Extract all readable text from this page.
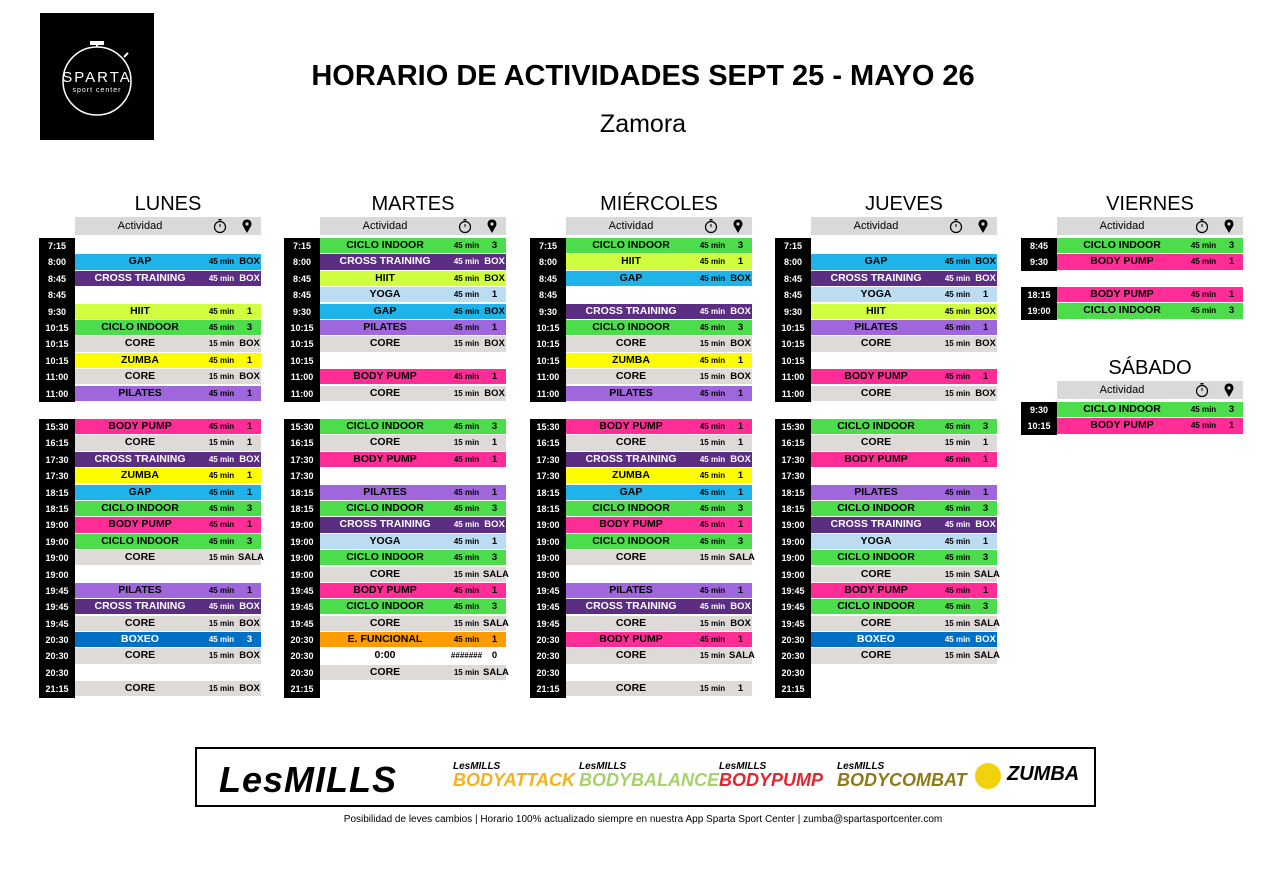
SPARTA
sport center	HORARIO DE ACTIVIDADES SEPT 25 - MAYO 26
Zamora
LUNES
Actividad
7:15
8:00	GAP	45 min BOX
8:45	CROSS TRAINING	45 min BOX
8:45
9:30	HIIT	45 min	1
10:15	CICLO INDOOR	45 min	3
10:15	CORE	15 min BOX
10:15	ZUMBA	45 min	1
11:00	CORE	15 min BOX
11:00	PILATES	45 min	1
15:30	BODY PUMP	45 min	1
16:15	CORE	15 min	1
17:30	CROSS TRAINING	45 min BOX
17:30	ZUMBA	45 min	1
18:15	GAP	45 min	1
18:15	CICLO INDOOR	45 min	3
19:00	BODY PUMP	45 min	1
19:00	CICLO INDOOR	45 min	3
19:00	CORE	15 min SALA
19:00
19:45	PILATES	45 min	1
19:45	CROSS TRAINING	45 min BOX
19:45	CORE	15 min BOX
20:30	BOXEO	45 min	3
20:30	CORE	15 min BOX
20:30
21:15	CORE	15 min BOX
MARTES
Actividad
7:15	CICLO INDOOR	45 min	3
8:00	CROSS TRAINING	45 min BOX
8:45	HIIT	45 min BOX
8:45	YOGA	45 min	1
9:30	GAP	45 min BOX
10:15	PILATES	45 min	1
10:15	CORE	15 min BOX
10:15
11:00	BODY PUMP	45 min	1
11:00	CORE	15 min BOX
15:30	CICLO INDOOR	45 min	3
16:15	CORE	15 min	1
17:30	BODY PUMP	45 min	1
17:30
18:15	PILATES	45 min	1
18:15	CICLO INDOOR	45 min	3
19:00	CROSS TRAINING	45 min BOX
19:00	YOGA	45 min	1
19:00	CICLO INDOOR	45 min	3
19:00	CORE	15 min SALA
19:45	BODY PUMP	45 min	1
19:45	CICLO INDOOR	45 min	3
19:45	CORE	15 min SALA
20:30	E. FUNCIONAL	45 min	1
20:30	0:00	#######	0
20:30	CORE	15 min SALA
21:15
MIÉRCOLES
Actividad
7:15	CICLO INDOOR	45 min	3
8:00	HIIT	45 min	1
8:45	GAP	45 min BOX
8:45
9:30	CROSS TRAINING	45 min BOX
10:15	CICLO INDOOR	45 min	3
10:15	CORE	15 min BOX
10:15	ZUMBA	45 min	1
11:00	CORE	15 min BOX
11:00	PILATES	45 min	1
15:30	BODY PUMP	45 min	1
16:15	CORE	15 min	1
17:30	CROSS TRAINING	45 min BOX
17:30	ZUMBA	45 min	1
18:15	GAP	45 min	1
18:15	CICLO INDOOR	45 min	3
19:00	BODY PUMP	45 min	1
19:00	CICLO INDOOR	45 min	3
19:00	CORE	15 min SALA
19:00
19:45	PILATES	45 min	1
19:45	CROSS TRAINING	45 min BOX
19:45	CORE	15 min BOX
20:30	BODY PUMP	45 min	1
20:30	CORE	15 min SALA
20:30
21:15	CORE	15 min	1
JUEVES
Actividad
7:15
8:00	GAP	45 min BOX
8:45	CROSS TRAINING	45 min BOX
8:45	YOGA	45 min	1
9:30	HIIT	45 min BOX
10:15	PILATES	45 min	1
10:15	CORE	15 min BOX
10:15
11:00	BODY PUMP	45 min	1
11:00	CORE	15 min BOX
15:30	CICLO INDOOR	45 min	3
16:15	CORE	15 min	1
17:30	BODY PUMP	45 min	1
17:30
18:15	PILATES	45 min	1
18:15	CICLO INDOOR	45 min	3
19:00	CROSS TRAINING	45 min BOX
19:00	YOGA	45 min	1
19:00	CICLO INDOOR	45 min	3
19:00	CORE	15 min SALA
19:45	BODY PUMP	45 min	1
19:45	CICLO INDOOR	45 min	3
19:45	CORE	15 min SALA
20:30	BOXEO	45 min BOX
20:30	CORE	15 min SALA
20:30
21:15
VIERNES
Actividad
8:45	CICLO INDOOR	45 min	3
9:30	BODY PUMP	45 min	1
18:15	BODY PUMP	45 min	1
19:00	CICLO INDOOR	45 min	3
SÁBADO
Actividad
9:30	CICLO INDOOR	45 min	3
10:15	BODY PUMP	45 min	1
LesMILLS	LesMILLS
BODYATTACK
LesMILLS
BODYBALANCE
LesMILLS
BODYPUMP
LesMILLS
BODYCOMBAT ZUMBA
Posibilidad de leves cambios | Horario 100% actualizado siempre en nuestra App Sparta Sport Center | zumba@spartasportcenter.com
